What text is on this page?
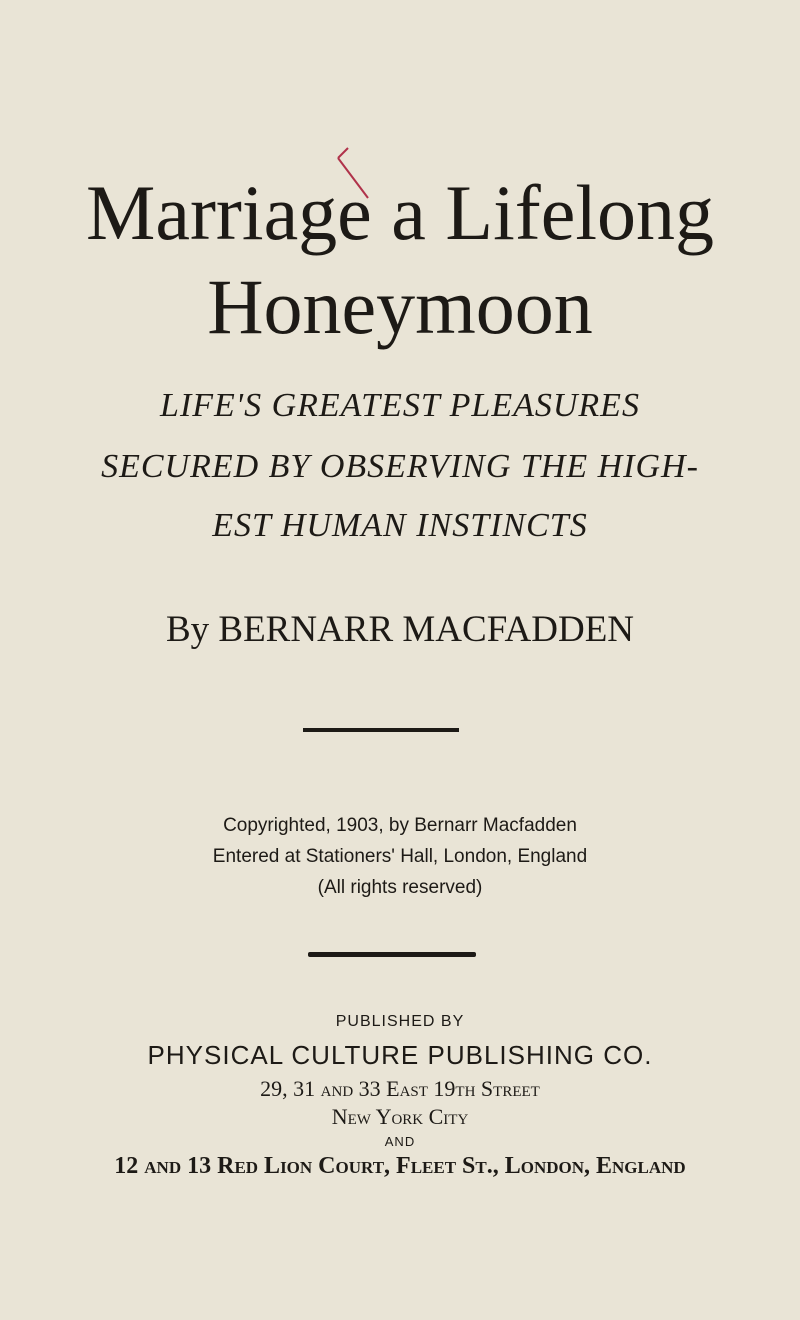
Marriage a Lifelong
Honeymoon
LIFE'S GREATEST PLEASURES
SECURED BY OBSERVING THE HIGH-
EST HUMAN INSTINCTS
By BERNARR MACFADDEN
Copyrighted, 1903, by Bernarr Macfadden
Entered at Stationers' Hall, London, England
(All rights reserved)
PUBLISHED BY
PHYSICAL CULTURE PUBLISHING CO.
29, 31 and 33 East 19th Street
New York City
AND
12 and 13 Red Lion Court, Fleet St., London, England
